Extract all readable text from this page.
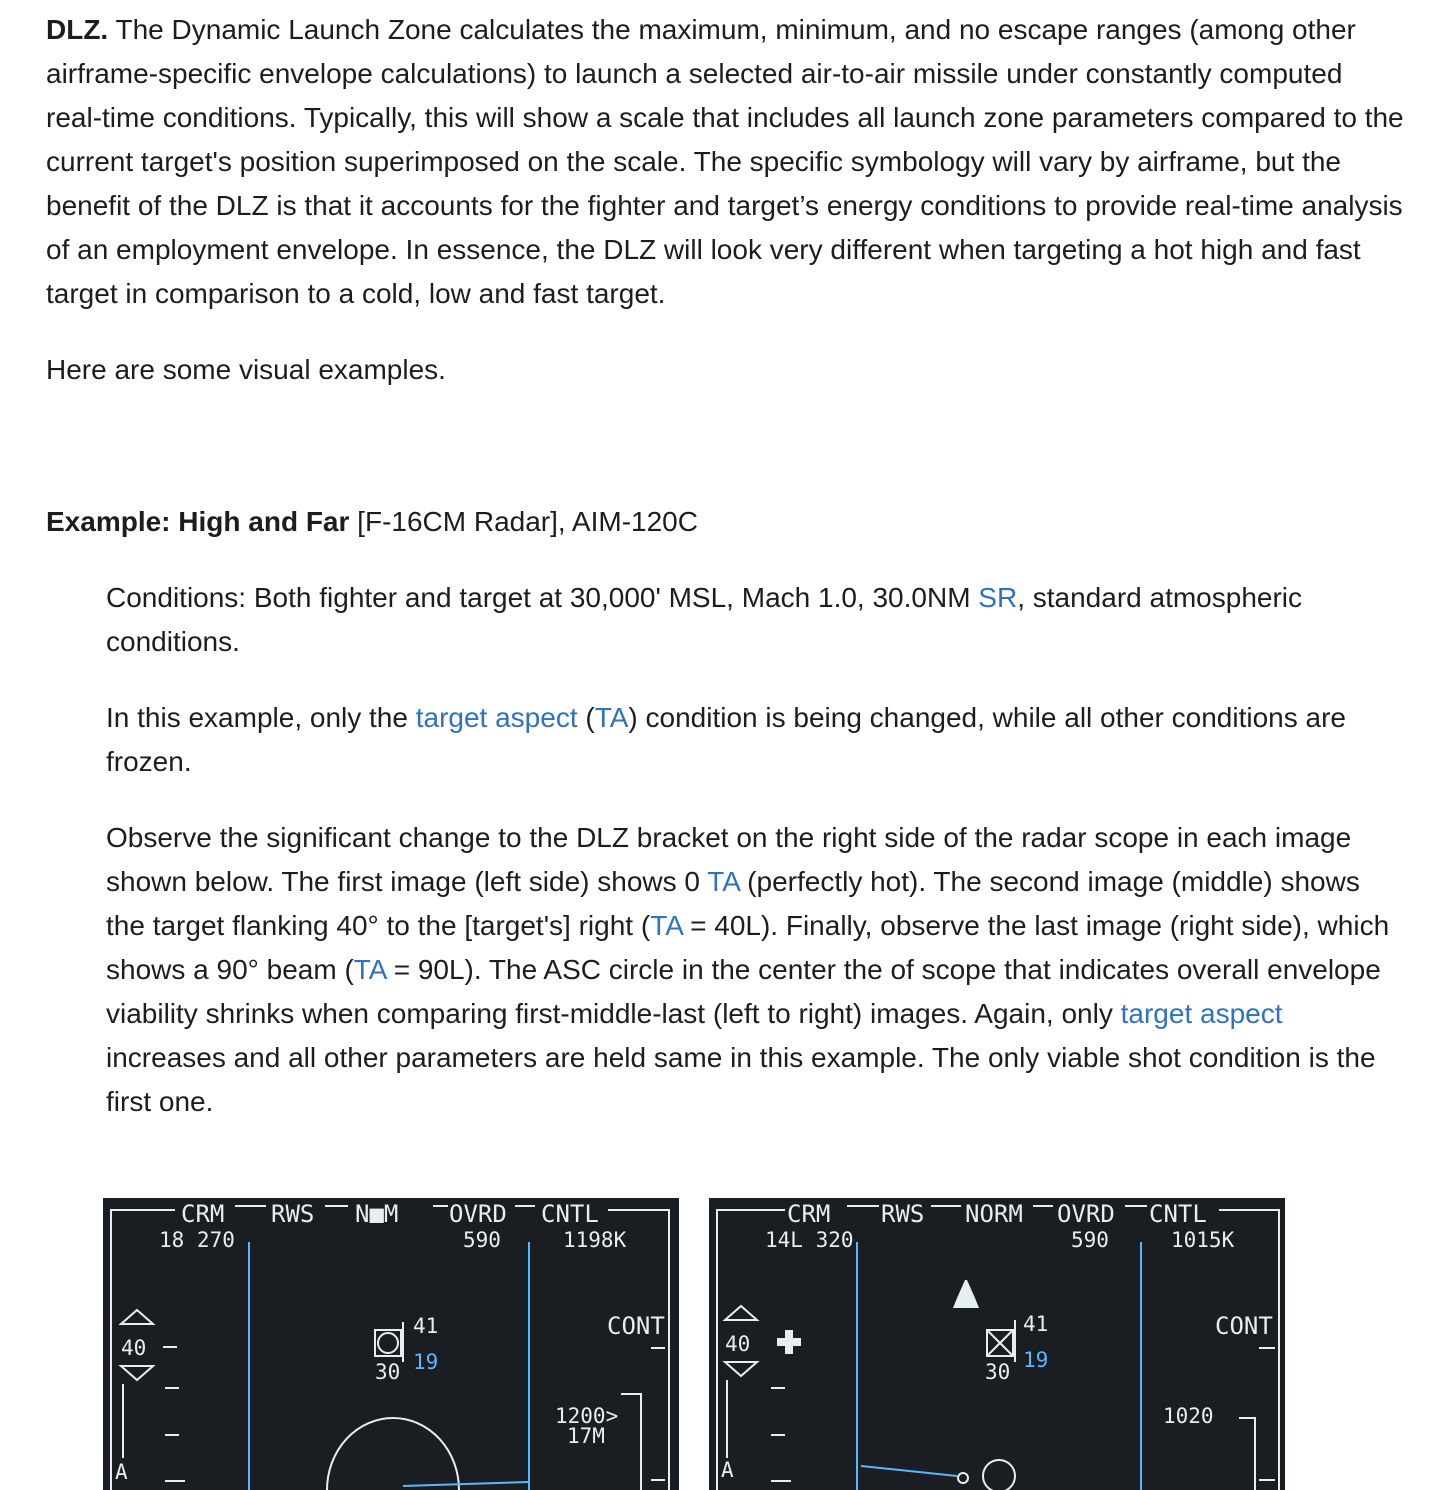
DLZ. The Dynamic Launch Zone calculates the maximum, minimum, and no escape ranges (among other airframe-specific envelope calculations) to launch a selected air-to-air missile under constantly computed real-time conditions. Typically, this will show a scale that includes all launch zone parameters compared to the current target's position superimposed on the scale. The specific symbology will vary by airframe, but the benefit of the DLZ is that it accounts for the fighter and target’s energy conditions to provide real-time analysis of an employment envelope. In essence, the DLZ will look very different when targeting a hot high and fast target in comparison to a cold, low and fast target.

Here are some visual examples.

Example: High and Far [F-16CM Radar], AIM-120C

Conditions: Both fighter and target at 30,000' MSL, Mach 1.0, 30.0NM SR, standard atmospheric conditions.

In this example, only the target aspect (TA) condition is being changed, while all other conditions are frozen.

Observe the significant change to the DLZ bracket on the right side of the radar scope in each image shown below. The first image (left side) shows 0 TA (perfectly hot). The second image (middle) shows the target flanking 40° to the [target's] right (TA = 40L). Finally, observe the last image (right side), which shows a 90° beam (TA = 90L). The ASC circle in the center the of scope that indicates overall envelope viability shrinks when comparing first-middle-last (left to right) images. Again, only target aspect increases and all other parameters are held same in this example. The only viable shot condition is the first one.

CRM RWS N■M OVRD CNTL
18 270	590	1198K
40
CONT
41
19
30
1200>
17M
A
CRM RWS NORM OVRD CNTL
14L 320	590	1015K
40
CONT
41
19
30
1020
A
